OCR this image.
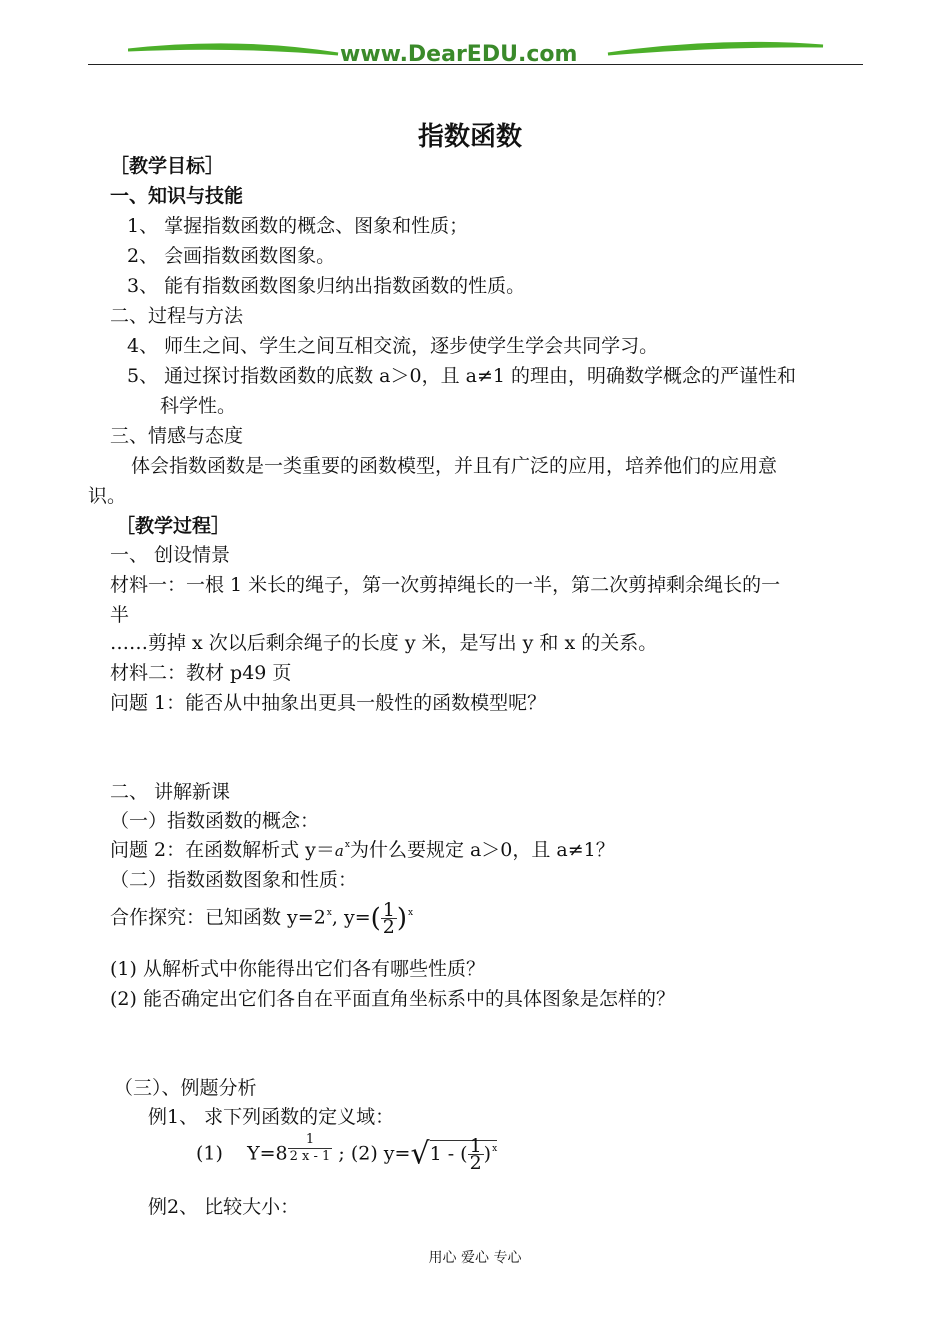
www.DearEDU.com
指数函数
［教学目标］
一、知识与技能
1、 掌握指数函数的概念、图象和性质；
2、 会画指数函数图象。
3、 能有指数函数图象归纳出指数函数的性质。
二、过程与方法
4、 师生之间、学生之间互相交流，逐步使学生学会共同学习。
5、 通过探讨指数函数的底数 a＞0，且 a≠1 的理由，明确数学概念的严谨性和
科学性。
三、情感与态度
体会指数函数是一类重要的函数模型，并且有广泛的应用，培养他们的应用意
识。
［教学过程］
一、 创设情景
材料一：一根 1 米长的绳子，第一次剪掉绳长的一半，第二次剪掉剩余绳长的一
半
……剪掉 x 次以后剩余绳子的长度 y 米，是写出 y 和 x 的关系。
材料二：教材 p49 页
问题 1：能否从中抽象出更具一般性的函数模型呢？
二、 讲解新课
（一）指数函数的概念：
问题 2：在函数解析式 $y=a^x$为什么要规定 a＞0，且 a≠1？
（二）指数函数图象和性质：
合作探究：已知函数 $y=2^x$, $y=( \frac{1}{2} )^x$
(1) 从解析式中你能得出它们各有哪些性质？
(2) 能否确定出它们各自在平面直角坐标系中的具体图象是怎样的？
（三）、例题分析
例1、 求下列函数的定义域：
(1) $Y=8 \frac{1}{2 x - 1}$ ; (2) y=√1 - ( $\frac{1}{2} )^x$
例2、 比较大小：
用心 爱心 专心
